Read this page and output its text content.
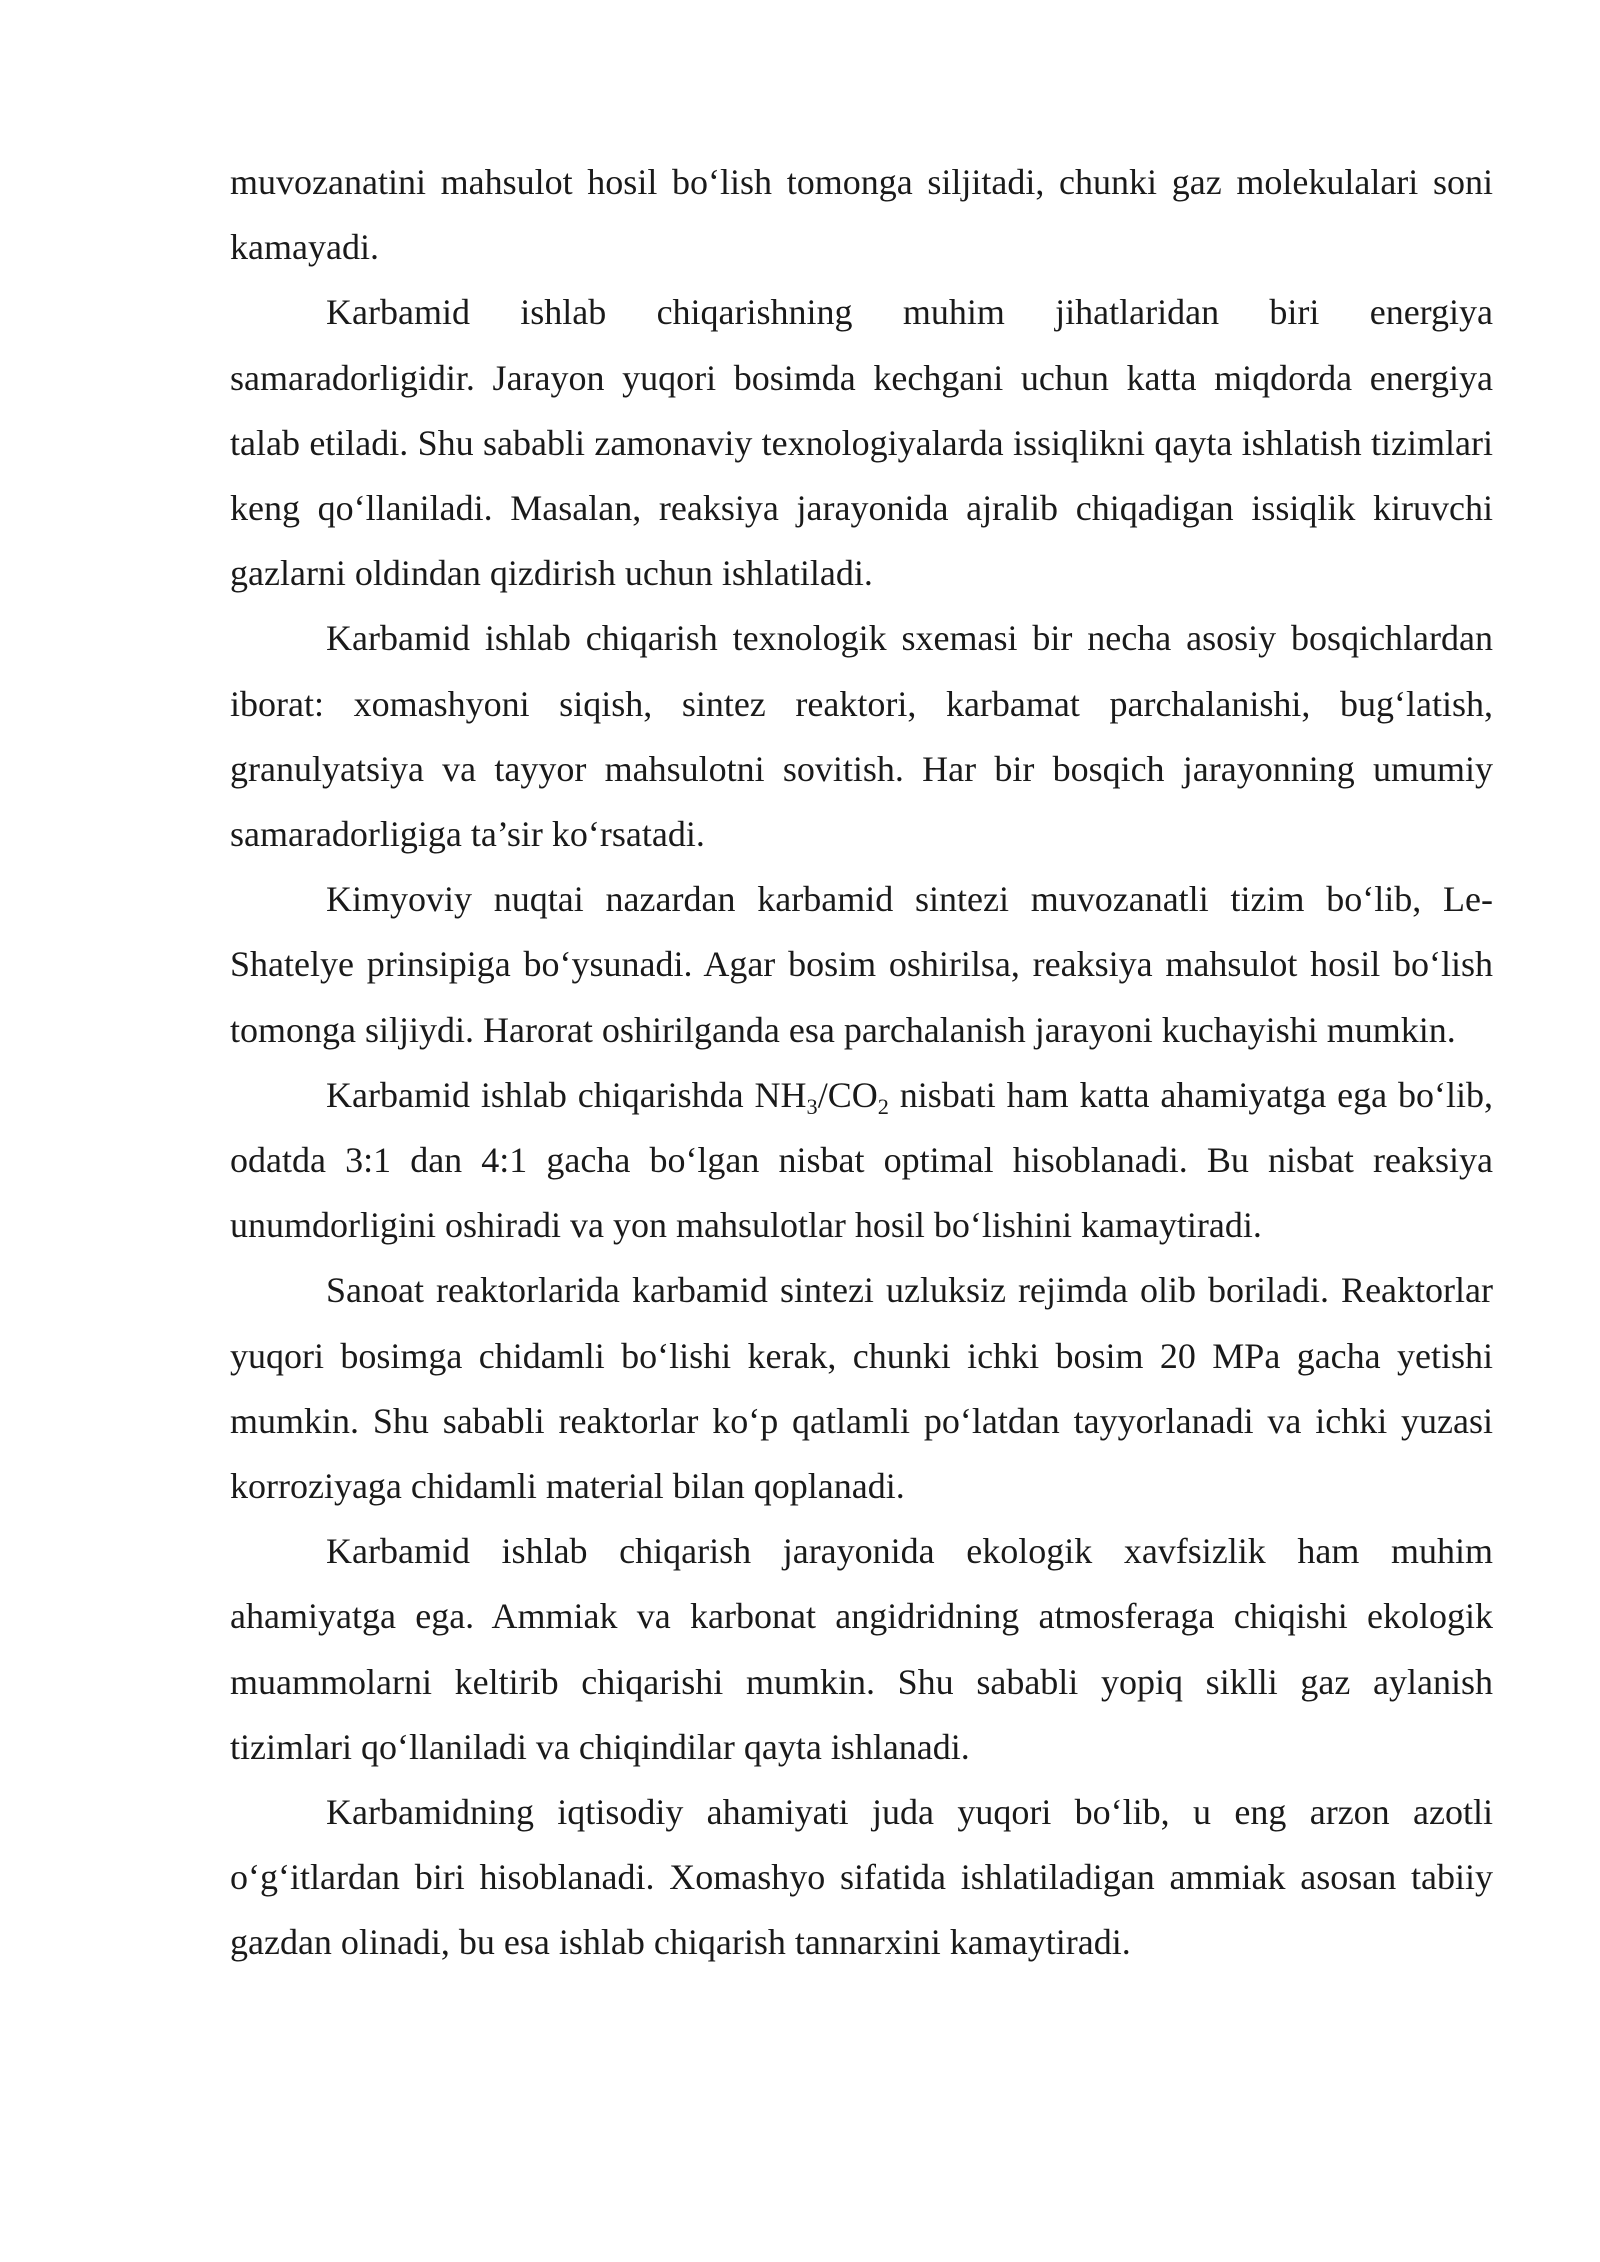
muvozanatini mahsulot hosil bo‘lish tomonga siljitadi, chunki gaz molekulalari soni kamayadi.

Karbamid ishlab chiqarishning muhim jihatlaridan biri energiya samaradorligidir. Jarayon yuqori bosimda kechgani uchun katta miqdorda energiya talab etiladi. Shu sababli zamonaviy texnologiyalarda issiqlikni qayta ishlatish tizimlari keng qo‘llaniladi. Masalan, reaksiya jarayonida ajralib chiqadigan issiqlik kiruvchi gazlarni oldindan qizdirish uchun ishlatiladi.

Karbamid ishlab chiqarish texnologik sxemasi bir necha asosiy bosqichlardan iborat: xomashyoni siqish, sintez reaktori, karbamat parchalanishi, bug‘latish, granulyatsiya va tayyor mahsulotni sovitish. Har bir bosqich jarayonning umumiy samaradorligiga ta’sir ko‘rsatadi.

Kimyoviy nuqtai nazardan karbamid sintezi muvozanatli tizim bo‘lib, Le-Shatelye prinsipiga bo‘ysunadi. Agar bosim oshirilsa, reaksiya mahsulot hosil bo‘lish tomonga siljiydi. Harorat oshirilganda esa parchalanish jarayoni kuchayishi mumkin.

Karbamid ishlab chiqarishda $NH_3/CO_2$ nisbati ham katta ahamiyatga ega bo‘lib, odatda 3:1 dan 4:1 gacha bo‘lgan nisbat optimal hisoblanadi. Bu nisbat reaksiya unumdorligini oshiradi va yon mahsulotlar hosil bo‘lishini kamaytiradi.

Sanoat reaktorlarida karbamid sintezi uzluksiz rejimda olib boriladi. Reaktorlar yuqori bosimga chidamli bo‘lishi kerak, chunki ichki bosim 20 MPa gacha yetishi mumkin. Shu sababli reaktorlar ko‘p qatlamli po‘latdan tayyorlanadi va ichki yuzasi korroziyaga chidamli material bilan qoplanadi.

Karbamid ishlab chiqarish jarayonida ekologik xavfsizlik ham muhim ahamiyatga ega. Ammiak va karbonat angidridning atmosferaga chiqishi ekologik muammolarni keltirib chiqarishi mumkin. Shu sababli yopiq siklli gaz aylanish tizimlari qo‘llaniladi va chiqindilar qayta ishlanadi.

Karbamidning iqtisodiy ahamiyati juda yuqori bo‘lib, u eng arzon azotli o‘g‘itlardan biri hisoblanadi. Xomashyo sifatida ishlatiladigan ammiak asosan tabiiy gazdan olinadi, bu esa ishlab chiqarish tannarxini kamaytiradi.
